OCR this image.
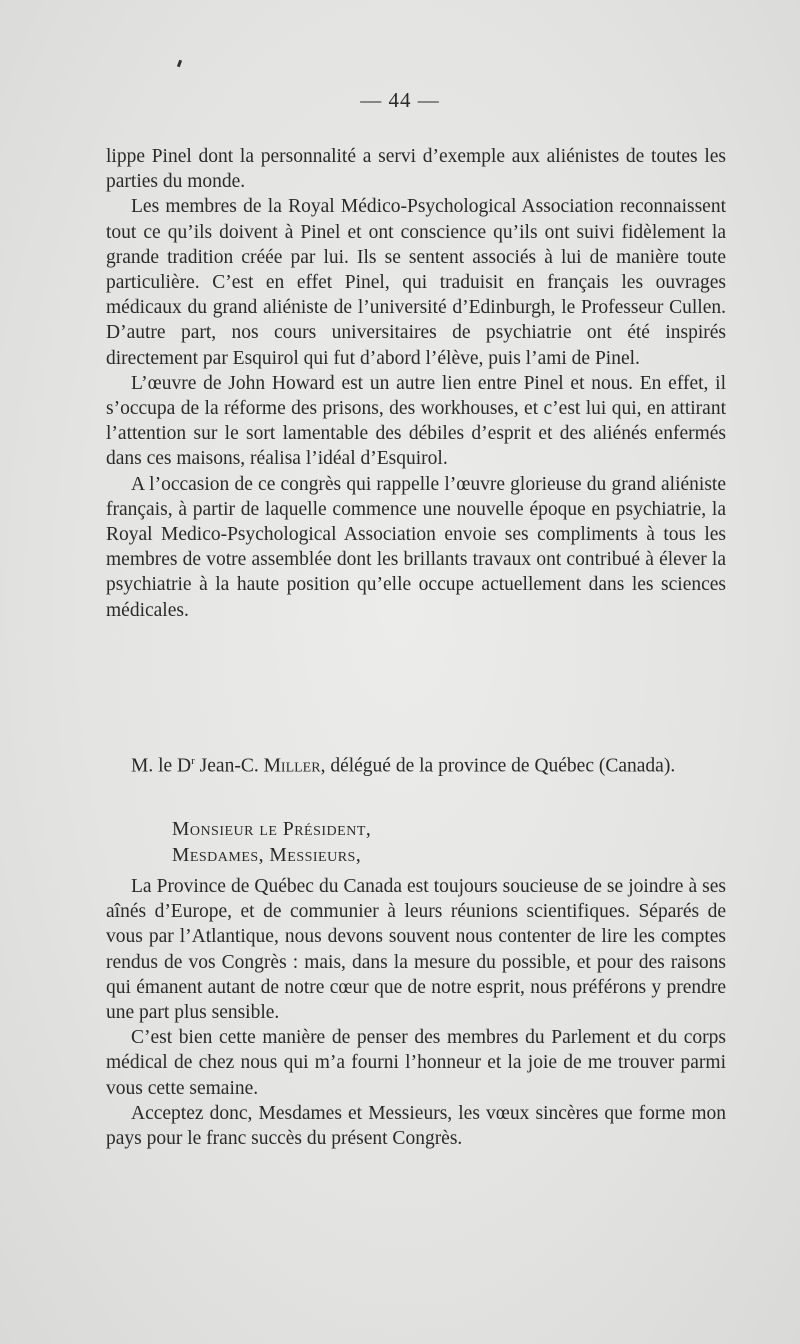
— 44 —

lippe Pinel dont la personnalité a servi d’exemple aux aliénistes de toutes les parties du monde.

Les membres de la Royal Médico-Psychological Association reconnaissent tout ce qu’ils doivent à Pinel et ont conscience qu’ils ont suivi fidèlement la grande tradition créée par lui. Ils se sentent associés à lui de manière toute particulière. C’est en effet Pinel, qui traduisit en français les ouvrages médicaux du grand aliéniste de l’université d’Edinburgh, le Professeur Cullen. D’autre part, nos cours universitaires de psychiatrie ont été inspirés directement par Esquirol qui fut d’abord l’élève, puis l’ami de Pinel.

L’œuvre de John Howard est un autre lien entre Pinel et nous. En effet, il s’occupa de la réforme des prisons, des workhouses, et c’est lui qui, en attirant l’attention sur le sort lamentable des débiles d’esprit et des aliénés enfermés dans ces maisons, réalisa l’idéal d’Esquirol.

A l’occasion de ce congrès qui rappelle l’œuvre glorieuse du grand aliéniste français, à partir de laquelle commence une nouvelle époque en psychiatrie, la Royal Medico-Psychological Association envoie ses compliments à tous les membres de votre assemblée dont les brillants travaux ont contribué à élever la psychiatrie à la haute position qu’elle occupe actuellement dans les sciences médicales.

M. le $D^r$ Jean-C. Miller, délégué de la province de Québec (Canada).

Monsieur le Président,
Mesdames, Messieurs,

La Province de Québec du Canada est toujours soucieuse de se joindre à ses aînés d’Europe, et de communier à leurs réunions scientifiques. Séparés de vous par l’Atlantique, nous devons souvent nous contenter de lire les comptes rendus de vos Congrès : mais, dans la mesure du possible, et pour des raisons qui émanent autant de notre cœur que de notre esprit, nous préférons y prendre une part plus sensible.

C’est bien cette manière de penser des membres du Parlement et du corps médical de chez nous qui m’a fourni l’honneur et la joie de me trouver parmi vous cette semaine.

Acceptez donc, Mesdames et Messieurs, les vœux sincères que forme mon pays pour le franc succès du présent Congrès.
